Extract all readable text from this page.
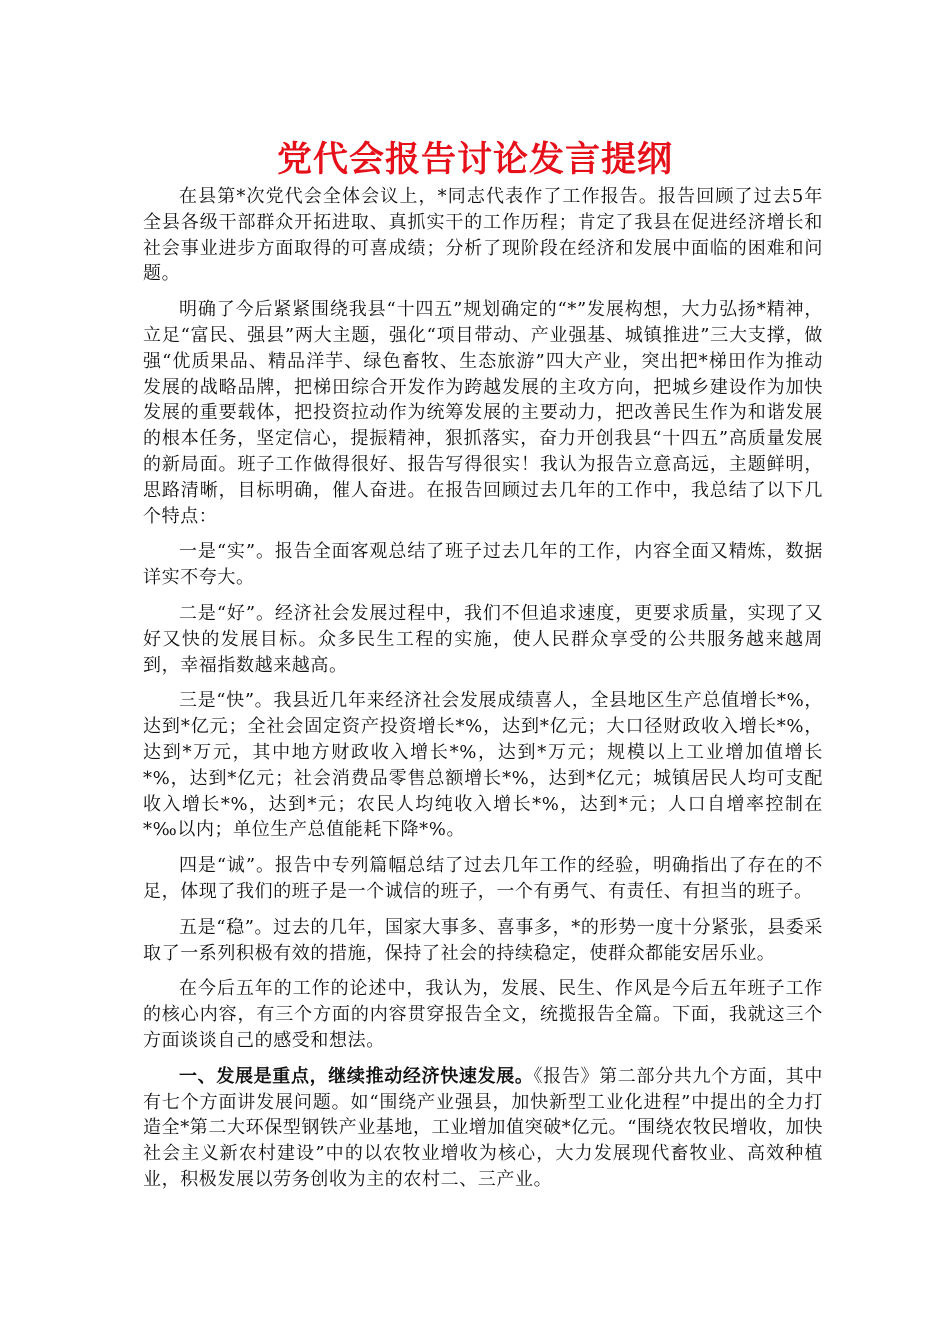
党代会报告讨论发言提纲

在县第*次党代会全体会议上，*同志代表作了工作报告。报告回顾了过去5年全县各级干部群众开拓进取、真抓实干的工作历程；肯定了我县在促进经济增长和社会事业进步方面取得的可喜成绩；分析了现阶段在经济和发展中面临的困难和问题。

明确了今后紧紧围绕我县“十四五”规划确定的“*”发展构想，大力弘扬*精神，立足“富民、强县”两大主题，强化“项目带动、产业强基、城镇推进”三大支撑，做强“优质果品、精品洋芋、绿色畜牧、生态旅游”四大产业，突出把*梯田作为推动发展的战略品牌，把梯田综合开发作为跨越发展的主攻方向，把城乡建设作为加快发展的重要载体，把投资拉动作为统筹发展的主要动力，把改善民生作为和谐发展的根本任务，坚定信心，提振精神，狠抓落实，奋力开创我县“十四五”高质量发展的新局面。班子工作做得很好、报告写得很实！我认为报告立意高远，主题鲜明，思路清晰，目标明确，催人奋进。在报告回顾过去几年的工作中，我总结了以下几个特点：

一是“实”。报告全面客观总结了班子过去几年的工作，内容全面又精炼，数据详实不夸大。

二是“好”。经济社会发展过程中，我们不但追求速度，更要求质量，实现了又好又快的发展目标。众多民生工程的实施，使人民群众享受的公共服务越来越周到，幸福指数越来越高。

三是“快”。我县近几年来经济社会发展成绩喜人，全县地区生产总值增长*%，达到*亿元；全社会固定资产投资增长*%，达到*亿元；大口径财政收入增长*%，达到*万元，其中地方财政收入增长*%，达到*万元；规模以上工业增加值增长*%，达到*亿元；社会消费品零售总额增长*%，达到*亿元；城镇居民人均可支配收入增长*%，达到*元；农民人均纯收入增长*%，达到*元；人口自增率控制在*‰以内；单位生产总值能耗下降*%。

四是“诚”。报告中专列篇幅总结了过去几年工作的经验，明确指出了存在的不足，体现了我们的班子是一个诚信的班子，一个有勇气、有责任、有担当的班子。

五是“稳”。过去的几年，国家大事多、喜事多，*的形势一度十分紧张，县委采取了一系列积极有效的措施，保持了社会的持续稳定，使群众都能安居乐业。

在今后五年的工作的论述中，我认为，发展、民生、作风是今后五年班子工作的核心内容，有三个方面的内容贯穿报告全文，统揽报告全篇。下面，我就这三个方面谈谈自己的感受和想法。

一、发展是重点，继续推动经济快速发展。《报告》第二部分共九个方面，其中有七个方面讲发展问题。如“围绕产业强县，加快新型工业化进程”中提出的全力打造全*第二大环保型钢铁产业基地，工业增加值突破*亿元。“围绕农牧民增收，加快社会主义新农村建设”中的以农牧业增收为核心，大力发展现代畜牧业、高效种植业，积极发展以劳务创收为主的农村二、三产业。
